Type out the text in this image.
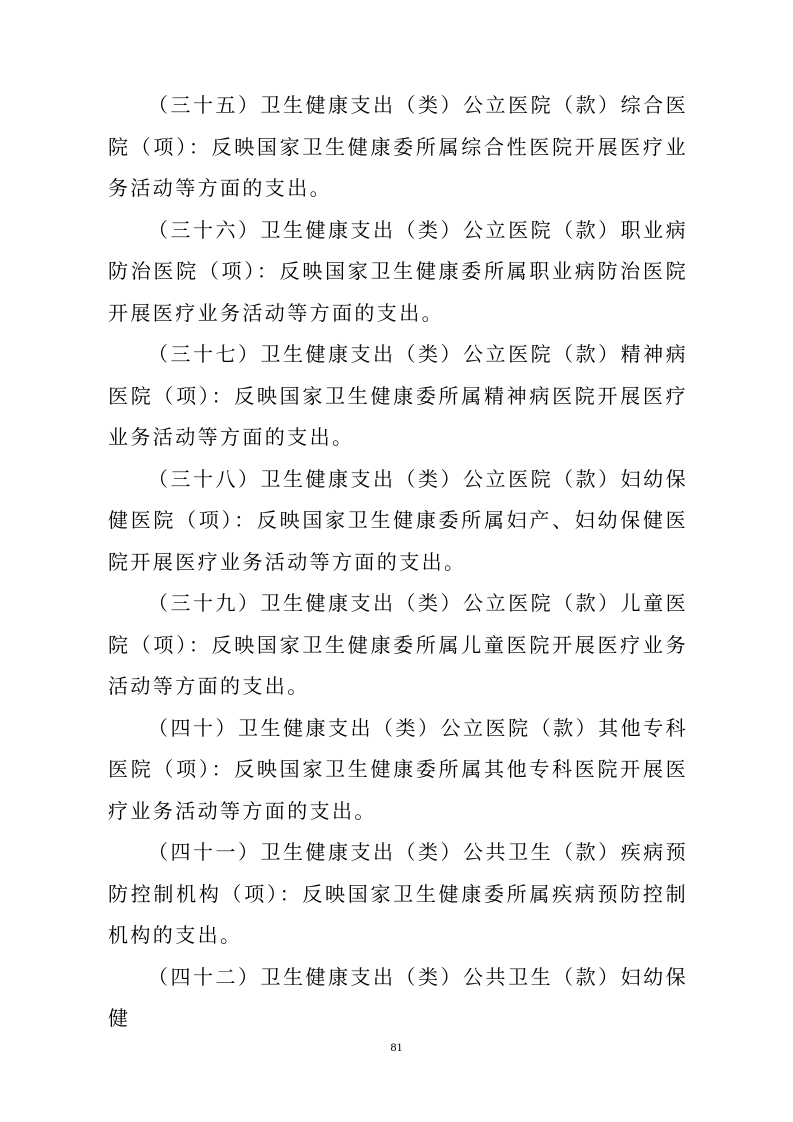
（三十五）卫生健康支出（类）公立医院（款）综合医院（项）：反映国家卫生健康委所属综合性医院开展医疗业务活动等方面的支出。

（三十六）卫生健康支出（类）公立医院（款）职业病防治医院（项）：反映国家卫生健康委所属职业病防治医院开展医疗业务活动等方面的支出。

（三十七）卫生健康支出（类）公立医院（款）精神病医院（项）：反映国家卫生健康委所属精神病医院开展医疗业务活动等方面的支出。

（三十八）卫生健康支出（类）公立医院（款）妇幼保健医院（项）：反映国家卫生健康委所属妇产、妇幼保健医院开展医疗业务活动等方面的支出。

（三十九）卫生健康支出（类）公立医院（款）儿童医院（项）：反映国家卫生健康委所属儿童医院开展医疗业务活动等方面的支出。

（四十）卫生健康支出（类）公立医院（款）其他专科医院（项）：反映国家卫生健康委所属其他专科医院开展医疗业务活动等方面的支出。

（四十一）卫生健康支出（类）公共卫生（款）疾病预防控制机构（项）：反映国家卫生健康委所属疾病预防控制机构的支出。

（四十二）卫生健康支出（类）公共卫生（款）妇幼保健

81
